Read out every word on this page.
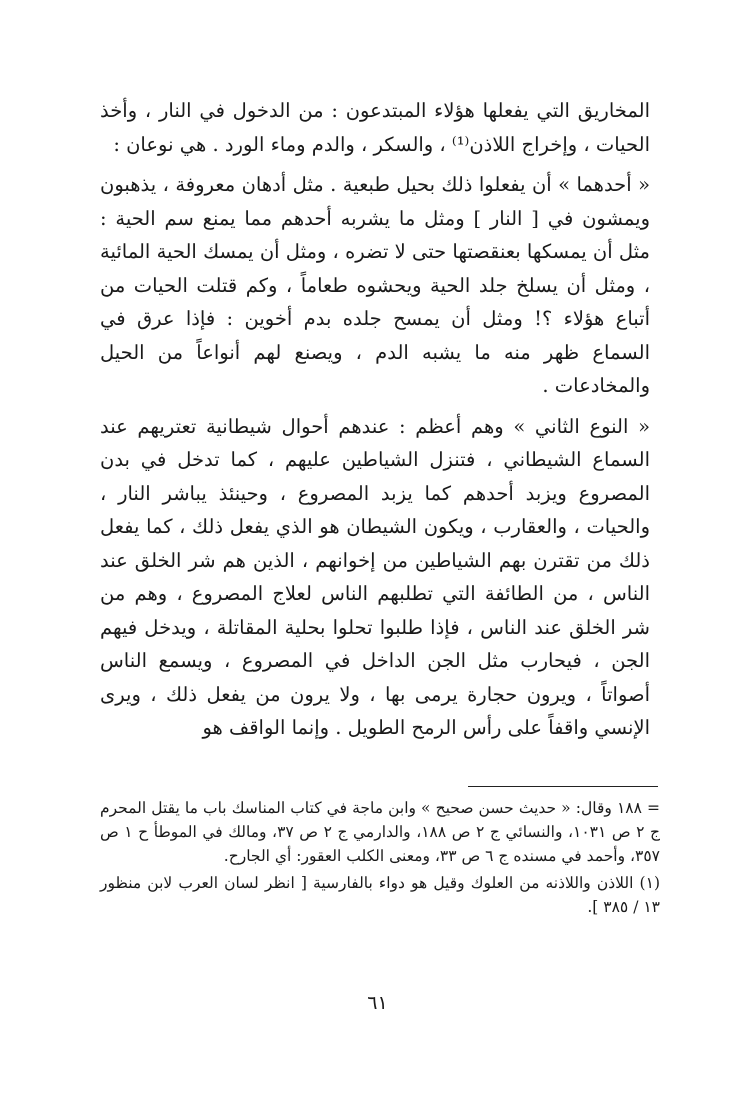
المخاريق التي يفعلها هؤلاء المبتدعون : من الدخول في النار ، وأخذ الحيات ، وإخراج اللاذن⁽¹⁾ ، والسكر ، والدم وماء الورد . هي نوعان :

« أحدهما » أن يفعلوا ذلك بحيل طبعية . مثل أدهان معروفة ، يذهبون ويمشون في [ النار ] ومثل ما يشربه أحدهم مما يمنع سم الحية : مثل أن يمسكها بعنقصتها حتى لا تضره ، ومثل أن يمسك الحية المائية ، ومثل أن يسلخ جلد الحية ويحشوه طعاماً ، وكم قتلت الحيات من أتباع هؤلاء ؟! ومثل أن يمسح جلده بدم أخوين : فإذا عرق في السماع ظهر منه ما يشبه الدم ، ويصنع لهم أنواعاً من الحيل والمخادعات .

« النوع الثاني » وهم أعظم : عندهم أحوال شيطانية تعتريهم عند السماع الشيطاني ، فتنزل الشياطين عليهم ، كما تدخل في بدن المصروع ويزبد أحدهم كما يزبد المصروع ، وحينئذ يباشر النار ، والحيات ، والعقارب ، ويكون الشيطان هو الذي يفعل ذلك ، كما يفعل ذلك من تقترن بهم الشياطين من إخوانهم ، الذين هم شر الخلق عند الناس ، من الطائفة التي تطلبهم الناس لعلاج المصروع ، وهم من شر الخلق عند الناس ، فإذا طلبوا تحلوا بحلية المقاتلة ، ويدخل فيهم الجن ، فيحارب مثل الجن الداخل في المصروع ، ويسمع الناس أصواتاً ، ويرون حجارة يرمى بها ، ولا يرون من يفعل ذلك ، ويرى الإنسي واقفاً على رأس الرمح الطويل . وإنما الواقف هو

= ١٨٨ وقال: « حديث حسن صحيح » وابن ماجة في كتاب المناسك باب ما يقتل المحرم ج ٢ ص ١٠٣١، والنسائي ج ٢ ص ١٨٨، والدارمي ج ٢ ص ٣٧، ومالك في الموطأ ح ١ ص ٣٥٧، وأحمد في مسنده ج ٦ ص ٣٣، ومعنى الكلب العقور: أي الجارح.

(١) اللاذن واللاذنه من العلوك وقيل هو دواء بالفارسية [ انظر لسان العرب لابن منظور ١٣ / ٣٨٥ ].

٦١
